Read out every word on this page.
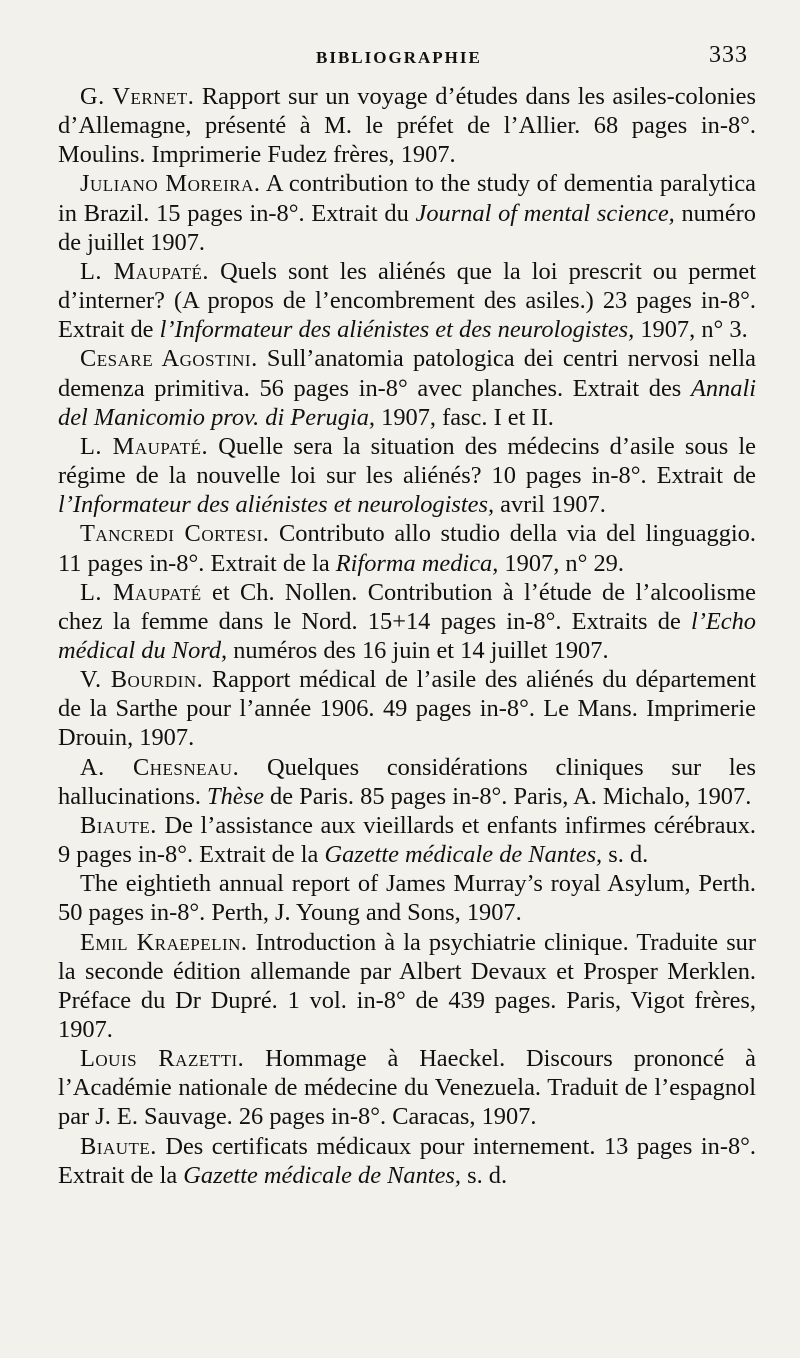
BIBLIOGRAPHIE	333

G. Vernet. Rapport sur un voyage d’études dans les asiles-colonies d’Allemagne, présenté à M. le préfet de l’Allier. 68 pages in-8°. Moulins. Imprimerie Fudez frères, 1907.

Juliano Moreira. A contribution to the study of dementia paralytica in Brazil. 15 pages in-8°. Extrait du Journal of mental science, numéro de juillet 1907.

L. Maupaté. Quels sont les aliénés que la loi prescrit ou permet d’interner? (A propos de l’encombrement des asiles.) 23 pages in-8°. Extrait de l’Informateur des aliénistes et des neurologistes, 1907, n° 3.

Cesare Agostini. Sull’anatomia patologica dei centri nervosi nella demenza primitiva. 56 pages in-8° avec planches. Extrait des Annali del Manicomio prov. di Perugia, 1907, fasc. I et II.

L. Maupaté. Quelle sera la situation des médecins d’asile sous le régime de la nouvelle loi sur les aliénés? 10 pages in-8°. Extrait de l’Informateur des aliénistes et neurologistes, avril 1907.

Tancredi Cortesi. Contributo allo studio della via del linguaggio. 11 pages in-8°. Extrait de la Riforma medica, 1907, n° 29.

L. Maupaté et Ch. Nollen. Contribution à l’étude de l’alcoolisme chez la femme dans le Nord. 15+14 pages in-8°. Extraits de l’Echo médical du Nord, numéros des 16 juin et 14 juillet 1907.

V. Bourdin. Rapport médical de l’asile des aliénés du département de la Sarthe pour l’année 1906. 49 pages in-8°. Le Mans. Imprimerie Drouin, 1907.

A. Chesneau. Quelques considérations cliniques sur les hallucinations. Thèse de Paris. 85 pages in-8°. Paris, A. Michalo, 1907.

Biaute. De l’assistance aux vieillards et enfants infirmes cérébraux. 9 pages in-8°. Extrait de la Gazette médicale de Nantes, s. d.

The eightieth annual report of James Murray’s royal Asylum, Perth. 50 pages in-8°. Perth, J. Young and Sons, 1907.

Emil Kraepelin. Introduction à la psychiatrie clinique. Traduite sur la seconde édition allemande par Albert Devaux et Prosper Merklen. Préface du Dr Dupré. 1 vol. in-8° de 439 pages. Paris, Vigot frères, 1907.

Louis Razetti. Hommage à Haeckel. Discours prononcé à l’Académie nationale de médecine du Venezuela. Traduit de l’espagnol par J. E. Sauvage. 26 pages in-8°. Caracas, 1907.

Biaute. Des certificats médicaux pour internement. 13 pages in-8°. Extrait de la Gazette médicale de Nantes, s. d.
